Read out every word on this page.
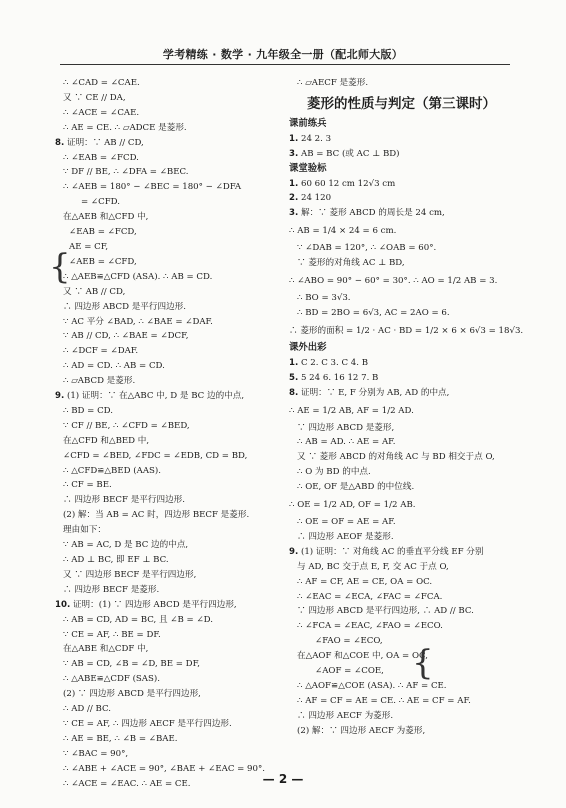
学考精练 · 数学 · 九年级全一册（配北师大版）
∴ ∠CAD = ∠CAE.
又 ∵ CE // DA,
∴ ∠ACE = ∠CAE.
∴ AE = CE. ∴ ▱ADCE 是菱形.
8. 证明：∵ AB // CD,
∴ ∠EAB = ∠FCD.
∵ DF // BE, ∴ ∠DFA = ∠BEC.
∴ ∠AEB = 180° − ∠BEC = 180° − ∠DFA
= ∠CFD.
在△AEB 和△CFD 中,
∠EAB = ∠FCD,
AE = CF,
∠AEB = ∠CFD,
∴ △AEB≌△CFD (ASA). ∴ AB = CD.
又 ∵ AB // CD,
∴ 四边形 ABCD 是平行四边形.
∵ AC 平分 ∠BAD, ∴ ∠BAE = ∠DAF.
∵ AB // CD, ∴ ∠BAE = ∠DCF,
∴ ∠DCF = ∠DAF.
∴ AD = CD. ∴ AB = CD.
∴ ▱ABCD 是菱形.
9. (1) 证明：∵ 在△ABC 中, D 是 BC 边的中点,
∴ BD = CD.
∵ CF // BE, ∴ ∠CFD = ∠BED,
在△CFD 和△BED 中,
∠CFD = ∠BED, ∠FDC = ∠EDB, CD = BD,
∴ △CFD≌△BED (AAS).
∴ CF = BE.
∴ 四边形 BECF 是平行四边形.
(2) 解：当 AB = AC 时，四边形 BECF 是菱形.
理由如下：
∵ AB = AC, D 是 BC 边的中点,
∴ AD ⊥ BC, 即 EF ⊥ BC.
又 ∵ 四边形 BECF 是平行四边形,
∴ 四边形 BECF 是菱形.
10. 证明：(1) ∵ 四边形 ABCD 是平行四边形,
∴ AB = CD, AD = BC, 且 ∠B = ∠D.
∵ CE = AF, ∴ BE = DF.
在△ABE 和△CDF 中,
∵ AB = CD, ∠B = ∠D, BE = DF,
∴ △ABE≌△CDF (SAS).
(2) ∵ 四边形 ABCD 是平行四边形,
∴ AD // BC.
∵ CE = AF, ∴ 四边形 AECF 是平行四边形.
∴ AE = BE, ∴ ∠B = ∠BAE.
∵ ∠BAC = 90°,
∴ ∠ABE + ∠ACE = 90°, ∠BAE + ∠EAC = 90°.
∴ ∠ACE = ∠EAC. ∴ AE = CE.
∴ ▱AECF 是菱形.
菱形的性质与判定（第三课时）
课前练兵
1. 24 2. 3
3. AB = BC (或 AC ⊥ BD)
课堂验标
1. 60 60 12 cm 12√3 cm
2. 24 120
3. 解：∵ 菱形 ABCD 的周长是 24 cm,
∴ AB = 1/4 × 24 = 6 cm.
∵ ∠DAB = 120°, ∴ ∠OAB = 60°.
∵ 菱形的对角线 AC ⊥ BD,
∴ ∠ABO = 90° − 60° = 30°. ∴ AO = 1/2 AB = 3.
∴ BO = 3√3.
∴ BD = 2BO = 6√3, AC = 2AO = 6.
∴ 菱形的面积 = 1/2 · AC · BD = 1/2 × 6 × 6√3 = 18√3.
课外出彩
1. C 2. C 3. C 4. B
5. 5 24 6. 16 12 7. B
8. 证明：∵ E, F 分别为 AB, AD 的中点,
∴ AE = 1/2 AB, AF = 1/2 AD.
∵ 四边形 ABCD 是菱形,
∴ AB = AD. ∴ AE = AF.
又 ∵ 菱形 ABCD 的对角线 AC 与 BD 相交于点 O,
∴ O 为 BD 的中点.
∴ OE, OF 是△ABD 的中位线.
∴ OE = 1/2 AD, OF = 1/2 AB.
∴ OE = OF = AE = AF.
∴ 四边形 AEOF 是菱形.
9. (1) 证明：∵ 对角线 AC 的垂直平分线 EF 分别
与 AD, BC 交于点 E, F, 交 AC 于点 O,
∴ AF = CF, AE = CE, OA = OC.
∴ ∠EAC = ∠ECA, ∠FAC = ∠FCA.
∵ 四边形 ABCD 是平行四边形, ∴ AD // BC.
∴ ∠FCA = ∠EAC, ∠FAO = ∠ECO.
∠FAO = ∠ECO,
在△AOF 和△COE 中, OA = OC,
∠AOF = ∠COE,
∴ △AOF≌△COE (ASA). ∴ AF = CE.
∴ AF = CF = AE = CE. ∴ AE = CF = AF.
∴ 四边形 AECF 为菱形.
(2) 解：∵ 四边形 AECF 为菱形,
{
{
— 2 —
